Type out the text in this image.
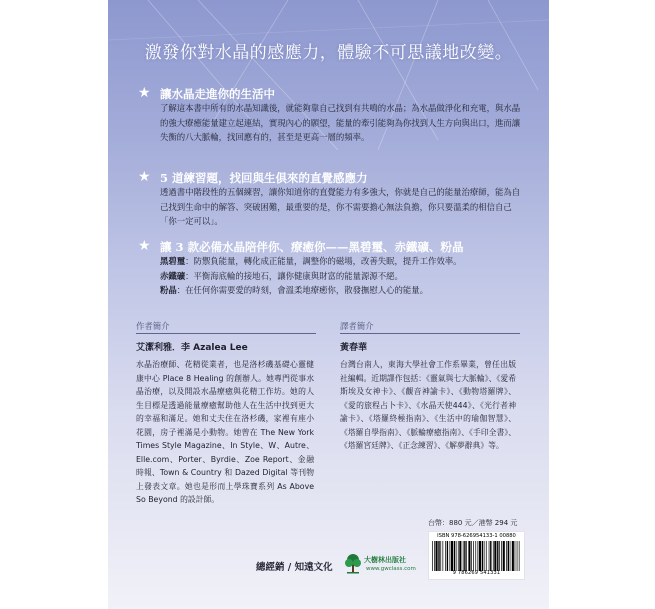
激發你對水晶的感應力，體驗不可思議地改變。
★ 讓水晶走進你的生活中

了解這本書中所有的水晶知識後，就能夠靠自己找到有共鳴的水晶；為水晶做淨化和充電，與水晶的強大療癒能量建立起連結，實現內心的願望，能量的牽引能夠為你找到人生方向與出口，進而讓失衡的八大脈輪，找回應有的，甚至是更高一層的頻率。

★ 5 道練習題，找回與生俱來的直覺感應力

透過書中階段性的五個練習，讓你知道你的直覺能力有多強大，你就是自己的能量治療師，能為自己找到生命中的解答、突破困難，最重要的是，你不需要擔心無法負擔，你只要溫柔的相信自己「你一定可以」。

★ 讓 3 款必備水晶陪伴你、療癒你——黑碧璽、赤鐵礦、粉晶

黑碧璽：防禦負能量，轉化成正能量，調整你的磁場，改善失眠，提升工作效率。

赤鐵礦：平衡海底輪的接地石，讓你健康與財富的能量源源不絕。

粉晶：在任何你需要愛的時刻，會溫柔地療癒你，散發撫慰人心的能量。

作者簡介
艾潔利雅．李 Azalea Lee
水晶治療師、花精從業者，也是洛杉磯基礎心靈健康中心 Place 8 Healing 的創辦人。她專門從事水晶治療，以及開設水晶療癒與花精工作坊。她的人生目標是透過能量療癒幫助他人在生活中找到更大的幸福和滿足。她和丈夫住在洛杉磯，家裡有座小花園，房子裡滿是小動物。她曾在 The New York Times Style Magazine、In Style、W、Autre、Elle.com、Porter、Byrdie、Zoe Report、金融時報、Town & Country 和 Dazed Digital 等刊物上發表文章。她也是形而上學珠寶系列 As Above So Beyond 的設計師。
譯者簡介
黃春華
台灣台南人，東海大學社會工作系畢業，曾任出版社編輯。近期譯作包括：《靈氣與七大脈輪》、《愛希斯埃及女神卡》、《觀音神諭卡》、《動物塔羅牌》、《愛的旅程占卜卡》、《水晶天使444》、《光行者神諭卡》、《塔羅終極指南》、《生活中的瑜伽智慧》、《塔羅自學指南》、《脈輪療癒指南》、《手印全書》、《塔羅宮廷牌》、《正念練習》、《解夢辭典》等。
台幣：880 元／港幣 294 元
ISBN 978-626954133-1 00880
9 786269 541331
總經銷 / 知遠文化
大樹林出版社
www.gwclass.com
